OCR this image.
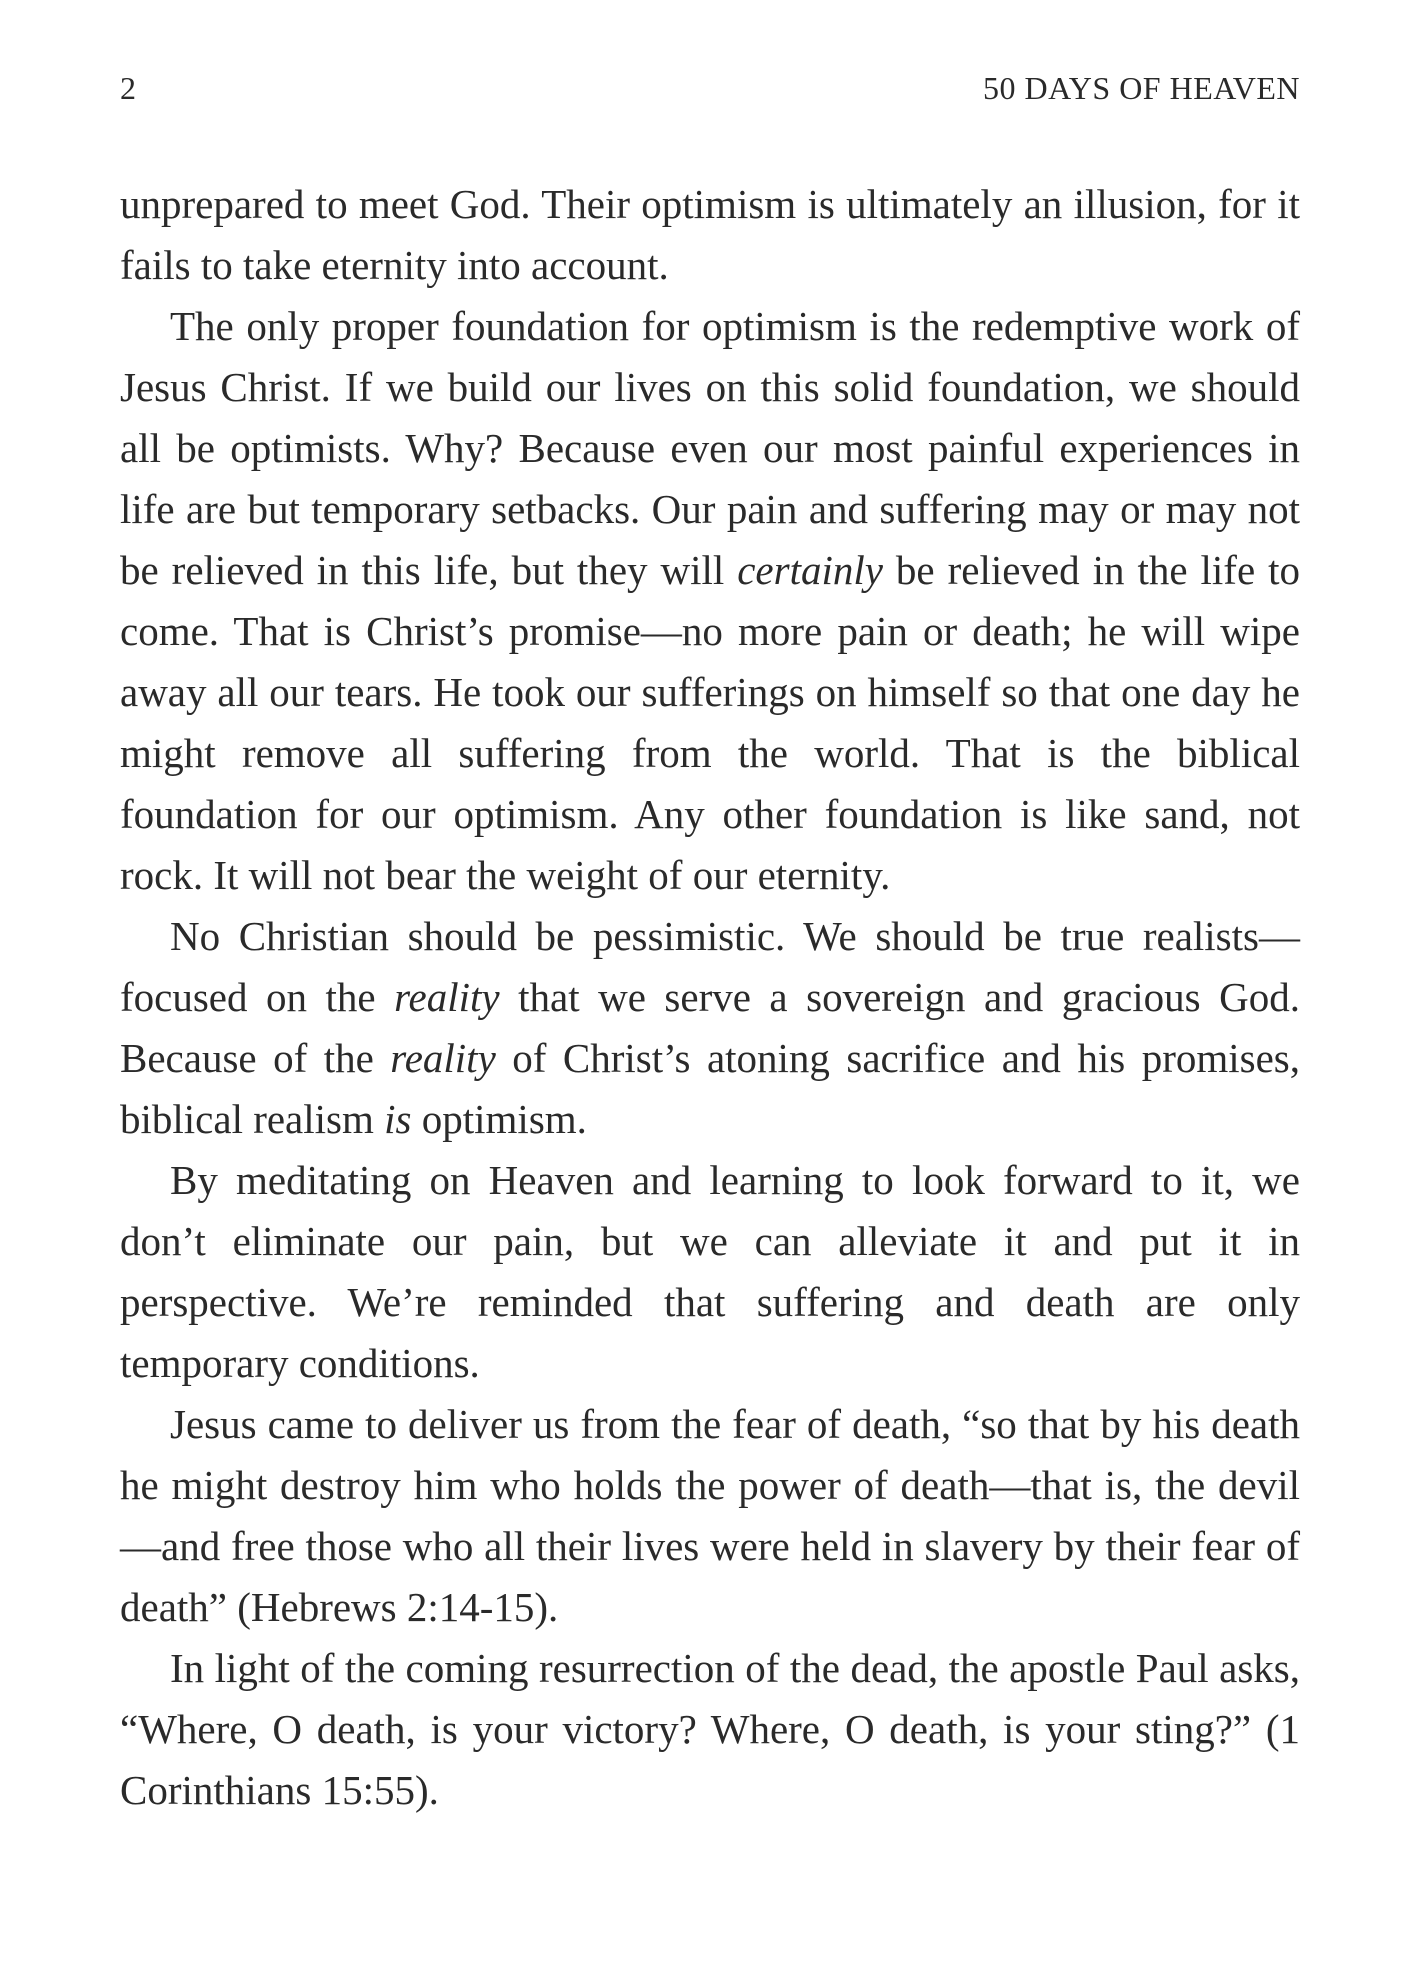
2	50 DAYS OF HEAVEN

unprepared to meet God. Their optimism is ultimately an illusion, for it fails to take eternity into account.

The only proper foundation for optimism is the redemptive work of Jesus Christ. If we build our lives on this solid foundation, we should all be optimists. Why? Because even our most painful experiences in life are but temporary setbacks. Our pain and suffering may or may not be relieved in this life, but they will certainly be relieved in the life to come. That is Christ’s promise—no more pain or death; he will wipe away all our tears. He took our sufferings on himself so that one day he might remove all suffering from the world. That is the biblical foundation for our optimism. Any other foundation is like sand, not rock. It will not bear the weight of our eternity.

No Christian should be pessimistic. We should be true realists—focused on the reality that we serve a sovereign and gracious God. Because of the reality of Christ’s atoning sacrifice and his promises, biblical realism is optimism.

By meditating on Heaven and learning to look forward to it, we don’t eliminate our pain, but we can alleviate it and put it in perspective. We’re reminded that suffering and death are only temporary conditions.

Jesus came to deliver us from the fear of death, “so that by his death he might destroy him who holds the power of death—that is, the devil—and free those who all their lives were held in slavery by their fear of death” (Hebrews 2:14-15).

In light of the coming resurrection of the dead, the apostle Paul asks, “Where, O death, is your victory? Where, O death, is your sting?” (1 Corinthians 15:55).
